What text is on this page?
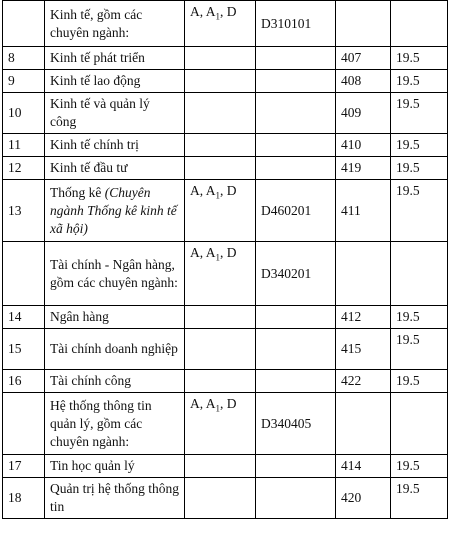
	Kinh tế, gồm các chuyên ngành:	A, $A_1$, D	D310101		
8	Kinh tế phát triển			407	19.5
9	Kinh tế lao động			408	19.5
10	Kinh tế và quản lý công			409	19.5
11	Kinh tế chính trị			410	19.5
12	Kinh tế đầu tư			419	19.5
13	Thống kê (Chuyên ngành Thống kê kinh tế xã hội)	A, $A_1$, D	D460201	411	19.5
	Tài chính - Ngân hàng, gồm các chuyên ngành:	A, $A_1$, D	D340201		
14	Ngân hàng			412	19.5
15	Tài chính doanh nghiệp			415	19.5
16	Tài chính công			422	19.5
	Hệ thống thông tin quản lý, gồm các chuyên ngành:	A, $A_1$, D	D340405		
17	Tin học quản lý			414	19.5
18	Quản trị hệ thống thông tin			420	19.5
